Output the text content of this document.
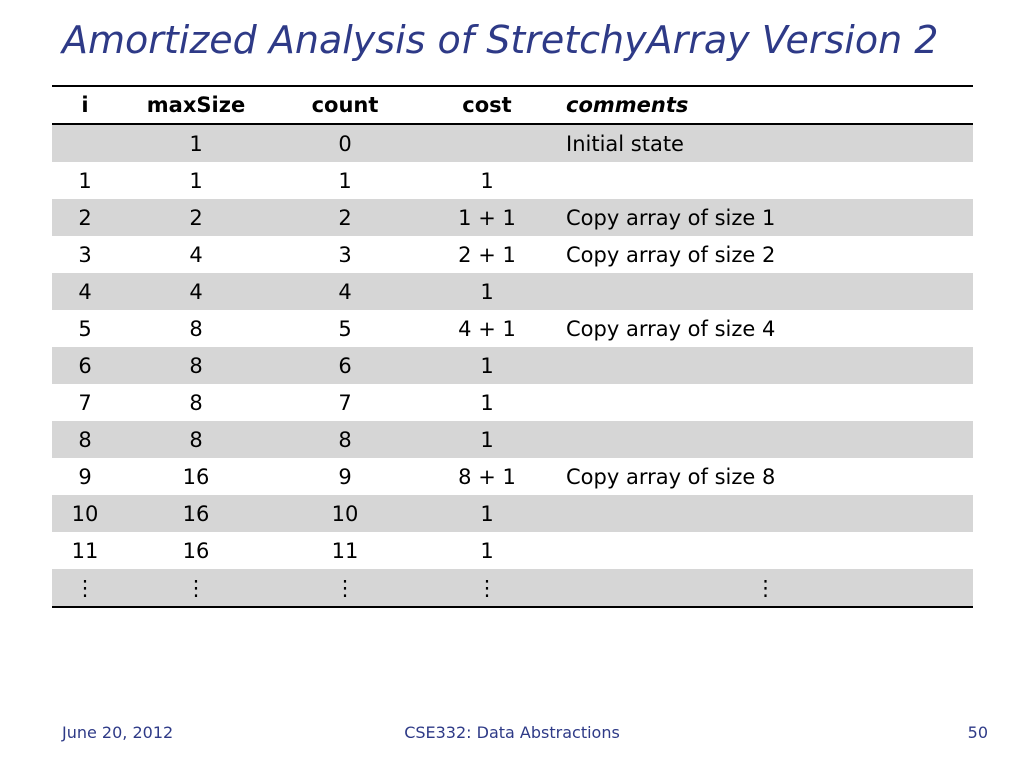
Amortized Analysis of StretchyArray Version 2
i	maxSize	count	cost	comments
	1	0		Initial state
1	1	1	1	
2	2	2	1 + 1	Copy array of size 1
3	4	3	2 + 1	Copy array of size 2
4	4	4	1	
5	8	5	4 + 1	Copy array of size 4
6	8	6	1	
7	8	7	1	
8	8	8	1	
9	16	9	8 + 1	Copy array of size 8
10	16	10	1	
11	16	11	1	
⋮	⋮	⋮	⋮	⋮
June 20, 2012	CSE332: Data Abstractions	50
